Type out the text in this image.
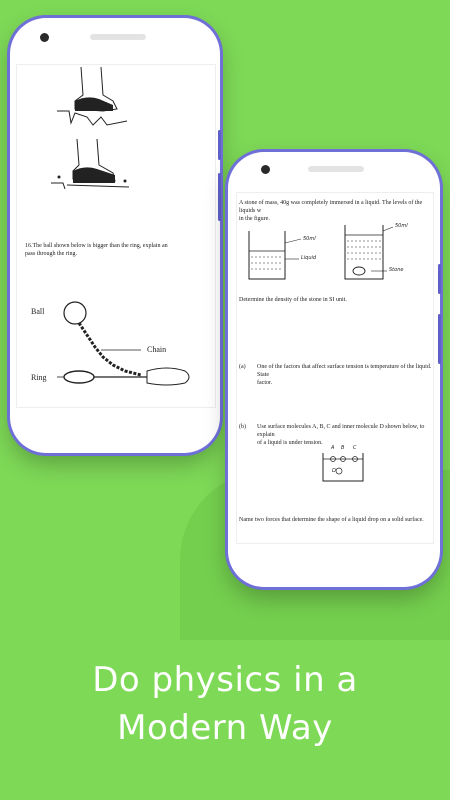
16.The ball shown below is bigger than the ring, explain an
pass through the ring.
Ball
Chain
Ring
A stone of mass, 40g was completely immersed in a liquid. The levels of the liquids w
in the figure.
50ml
Liquid
50ml
Stone
Determine the density of the stone in SI unit.
(a) One of the factors that affect surface tension is temperature of the liquid. State
factor.
(b) Use surface molecules A, B, C and inner molecule D shown below, to explain
of a liquid is under tension.
A B C
D
Name two forces that determine the shape of a liquid drop on a solid surface.
Do physics in a
Modern Way
